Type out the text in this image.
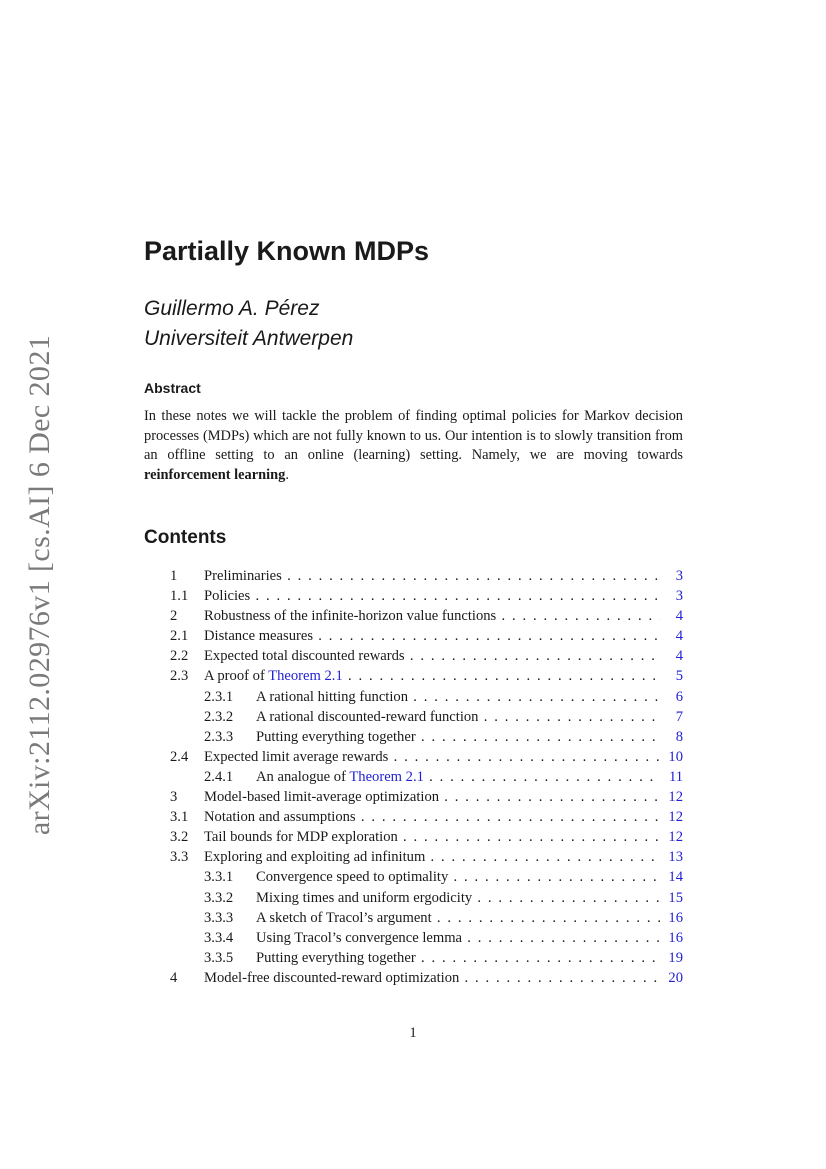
arXiv:2112.02976v1 [cs.AI] 6 Dec 2021
Partially Known MDPs
Guillermo A. Pérez
Universiteit Antwerpen
Abstract

In these notes we will tackle the problem of finding optimal policies for Markov decision processes (MDPs) which are not fully known to us. Our intention is to slowly transition from an offline setting to an online (learning) setting. Namely, we are moving towards reinforcement learning.

Contents
1 Preliminaries . . .	3
1.1 Policies . . .	3
2 Robustness of the infinite-horizon value functions . . .	4
2.1 Distance measures . . .	4
2.2 Expected total discounted rewards . . .	4
2.3 A proof of Theorem 2.1 . . .	5
2.3.1 A rational hitting function . . .	6
2.3.2 A rational discounted-reward function . . .	7
2.3.3 Putting everything together . . .	8
2.4 Expected limit average rewards . . .	10
2.4.1 An analogue of Theorem 2.1 . . .	11
3 Model-based limit-average optimization . . .	12
3.1 Notation and assumptions . . .	12
3.2 Tail bounds for MDP exploration . . .	12
3.3 Exploring and exploiting ad infinitum . . .	13
3.3.1 Convergence speed to optimality . . .	14
3.3.2 Mixing times and uniform ergodicity . . .	15
3.3.3 A sketch of Tracol’s argument . . .	16
3.3.4 Using Tracol’s convergence lemma . . .	16
3.3.5 Putting everything together . . .	19
4 Model-free discounted-reward optimization . . .	20
1
